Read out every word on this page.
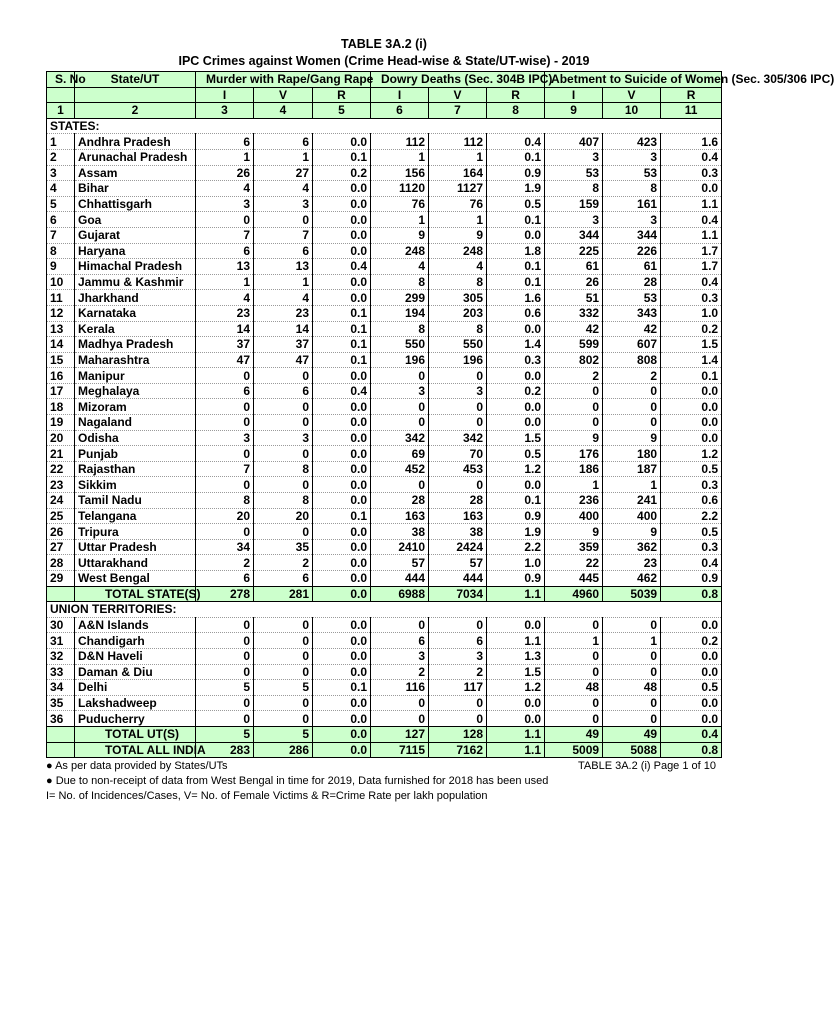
TABLE 3A.2 (i)
IPC Crimes against Women (Crime Head-wise & State/UT-wise) - 2019
S. No	State/UT	Murder with Rape/Gang Rape			Dowry Deaths (Sec. 304B IPC)			Abetment to Suicide of Women (Sec. 305/306 IPC)		
		I	V	R	I	V	R	I	V	R
1	2	3	4	5	6	7	8	9	10	11
STATES:										
1	Andhra Pradesh	6	6	0.0	112	112	0.4	407	423	1.6
2	Arunachal Pradesh	1	1	0.1	1	1	0.1	3	3	0.4
3	Assam	26	27	0.2	156	164	0.9	53	53	0.3
4	Bihar	4	4	0.0	1120	1127	1.9	8	8	0.0
5	Chhattisgarh	3	3	0.0	76	76	0.5	159	161	1.1
6	Goa	0	0	0.0	1	1	0.1	3	3	0.4
7	Gujarat	7	7	0.0	9	9	0.0	344	344	1.1
8	Haryana	6	6	0.0	248	248	1.8	225	226	1.7
9	Himachal Pradesh	13	13	0.4	4	4	0.1	61	61	1.7
10	Jammu & Kashmir	1	1	0.0	8	8	0.1	26	28	0.4
11	Jharkhand	4	4	0.0	299	305	1.6	51	53	0.3
12	Karnataka	23	23	0.1	194	203	0.6	332	343	1.0
13	Kerala	14	14	0.1	8	8	0.0	42	42	0.2
14	Madhya Pradesh	37	37	0.1	550	550	1.4	599	607	1.5
15	Maharashtra	47	47	0.1	196	196	0.3	802	808	1.4
16	Manipur	0	0	0.0	0	0	0.0	2	2	0.1
17	Meghalaya	6	6	0.4	3	3	0.2	0	0	0.0
18	Mizoram	0	0	0.0	0	0	0.0	0	0	0.0
19	Nagaland	0	0	0.0	0	0	0.0	0	0	0.0
20	Odisha	3	3	0.0	342	342	1.5	9	9	0.0
21	Punjab	0	0	0.0	69	70	0.5	176	180	1.2
22	Rajasthan	7	8	0.0	452	453	1.2	186	187	0.5
23	Sikkim	0	0	0.0	0	0	0.0	1	1	0.3
24	Tamil Nadu	8	8	0.0	28	28	0.1	236	241	0.6
25	Telangana	20	20	0.1	163	163	0.9	400	400	2.2
26	Tripura	0	0	0.0	38	38	1.9	9	9	0.5
27	Uttar Pradesh	34	35	0.0	2410	2424	2.2	359	362	0.3
28	Uttarakhand	2	2	0.0	57	57	1.0	22	23	0.4
29	West Bengal	6	6	0.0	444	444	0.9	445	462	0.9
	TOTAL STATE(S)	278	281	0.0	6988	7034	1.1	4960	5039	0.8
UNION TERRITORIES:										
30	A&N Islands	0	0	0.0	0	0	0.0	0	0	0.0
31	Chandigarh	0	0	0.0	6	6	1.1	1	1	0.2
32	D&N Haveli	0	0	0.0	3	3	1.3	0	0	0.0
33	Daman & Diu	0	0	0.0	2	2	1.5	0	0	0.0
34	Delhi	5	5	0.1	116	117	1.2	48	48	0.5
35	Lakshadweep	0	0	0.0	0	0	0.0	0	0	0.0
36	Puducherry	0	0	0.0	0	0	0.0	0	0	0.0
	TOTAL UT(S)	5	5	0.0	127	128	1.1	49	49	0.4
	TOTAL ALL INDIA	283	286	0.0	7115	7162	1.1	5009	5088	0.8
● As per data provided by States/UTs	TABLE 3A.2 (i) Page 1 of 10
● Due to non-receipt of data from West Bengal in time for 2019, Data furnished for 2018 has been used
I= No. of Incidences/Cases, V= No. of Female Victims & R=Crime Rate per lakh population
